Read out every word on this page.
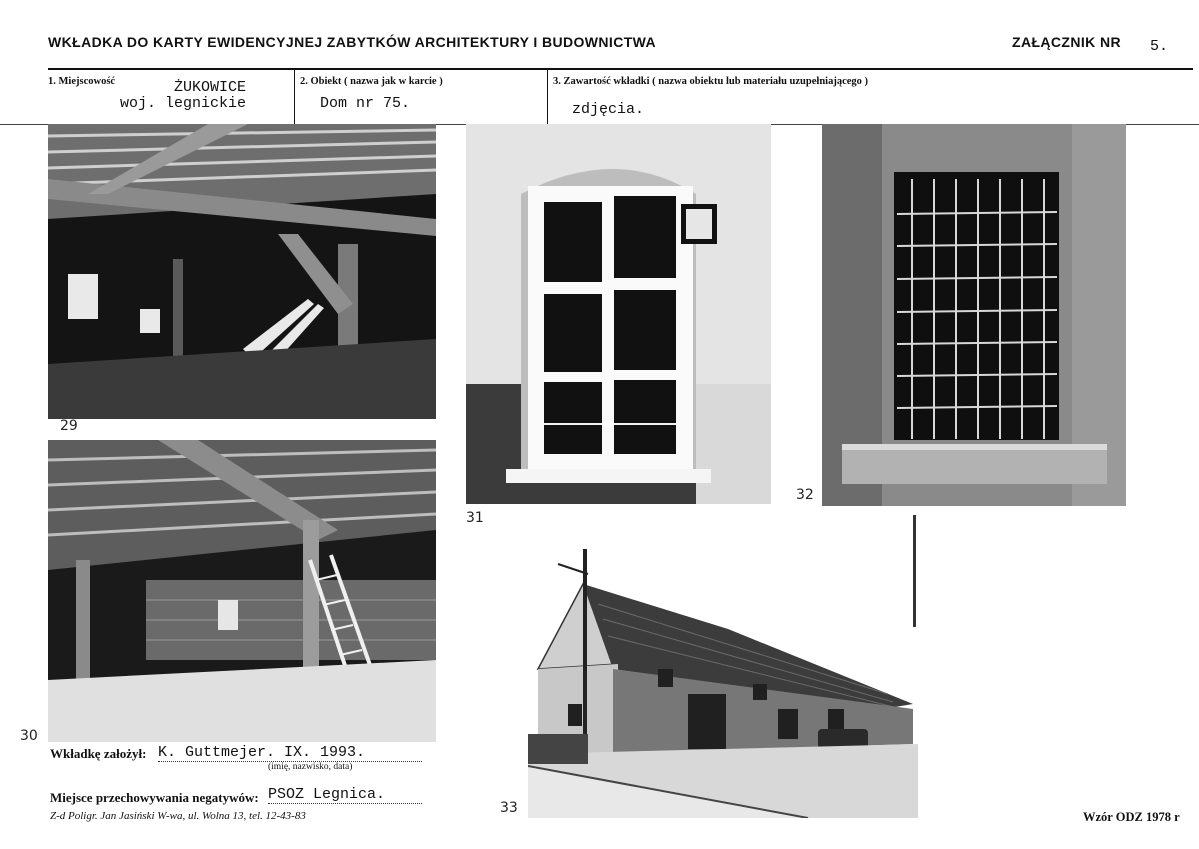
WKŁADKA DO KARTY EWIDENCYJNEJ ZABYTKÓW ARCHITEKTURY I BUDOWNICTWA	ZAŁĄCZNIK NR 5.
1. Miejscowość	ŻUKOWICE
woj. legnickie
2. Obiekt ( nazwa jak w karcie )
Dom nr 75.
3. Zawartość wkładki ( nazwa obiektu lub materiału uzupełniającego )
zdjęcia.
29
30
31
32
33
Wkładkę założył: K. Guttmejer. IX. 1993.
(imię, nazwisko, data)
Miejsce przechowywania negatywów: PSOZ Legnica.
Z-d Poligr. Jan Jasiński W-wa, ul. Wolna 13, tel. 12-43-83	Wzór ODZ 1978 r
